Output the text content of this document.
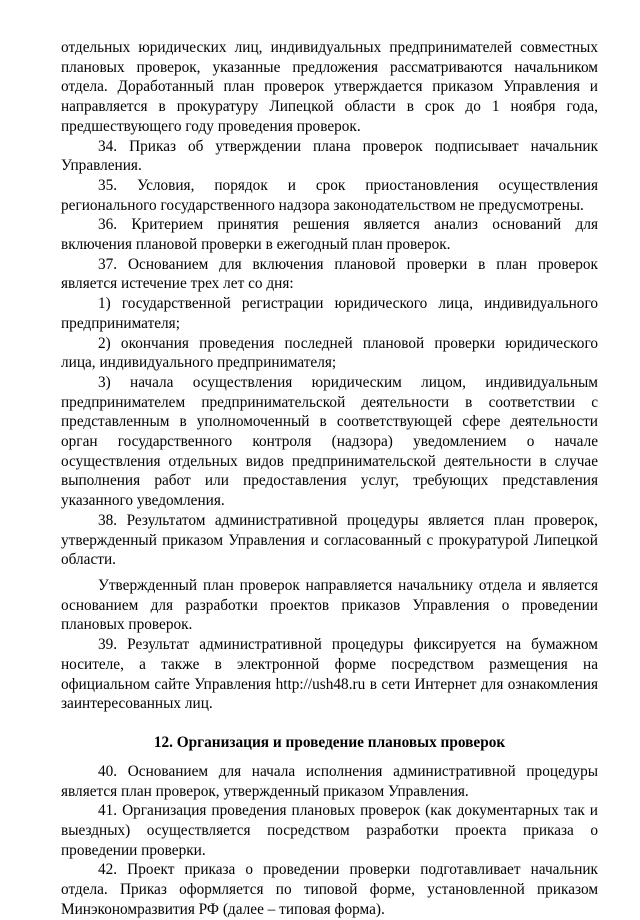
отдельных юридических лиц, индивидуальных предпринимателей совместных плановых проверок, указанные предложения рассматриваются начальником отдела. Доработанный план проверок утверждается приказом Управления и направляется в прокуратуру Липецкой области в срок до 1 ноября года, предшествующего году проведения проверок.

34. Приказ об утверждении плана проверок подписывает начальник Управления.

35. Условия, порядок и срок приостановления осуществления регионального государственного надзора законодательством не предусмотрены.

36. Критерием принятия решения является анализ оснований для включения плановой проверки в ежегодный план проверок.

37. Основанием для включения плановой проверки в план проверок является истечение трех лет со дня:

1) государственной регистрации юридического лица, индивидуального предпринимателя;

2) окончания проведения последней плановой проверки юридического лица, индивидуального предпринимателя;

3) начала осуществления юридическим лицом, индивидуальным предпринимателем предпринимательской деятельности в соответствии с представленным в уполномоченный в соответствующей сфере деятельности орган государственного контроля (надзора) уведомлением о начале осуществления отдельных видов предпринимательской деятельности в случае выполнения работ или предоставления услуг, требующих представления указанного уведомления.

38. Результатом административной процедуры является план проверок, утвержденный приказом Управления и согласованный с прокуратурой Липецкой области.

Утвержденный план проверок направляется начальнику отдела и является основанием для разработки проектов приказов Управления о проведении плановых проверок.

39. Результат административной процедуры фиксируется на бумажном носителе, а также в электронной форме посредством размещения на официальном сайте Управления http://ush48.ru в сети Интернет для ознакомления заинтересованных лиц.

12. Организация и проведение плановых проверок

40. Основанием для начала исполнения административной процедуры является план проверок, утвержденный приказом Управления.

41. Организация проведения плановых проверок (как документарных так и выездных) осуществляется посредством разработки проекта приказа о проведении проверки.

42. Проект приказа о проведении проверки подготавливает начальник отдела. Приказ оформляется по типовой форме, установленной приказом Минэкономразвития РФ (далее – типовая форма).
